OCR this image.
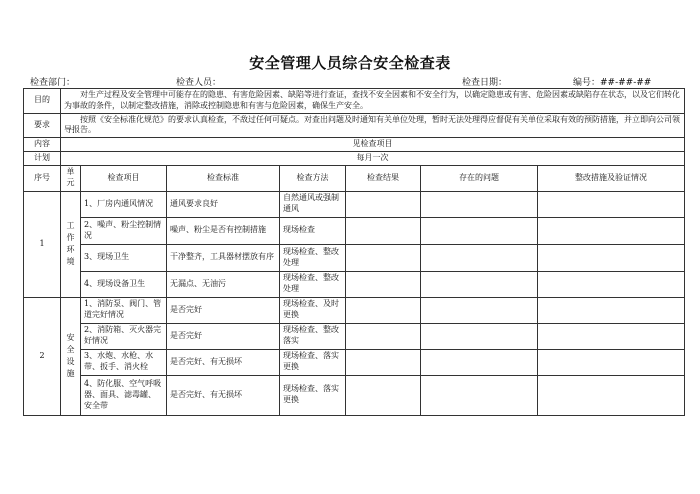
安全管理人员综合安全检查表
检查部门：	检查人员：	检查日期：	编号：##-##-##
目的	对生产过程及安全管理中可能存在的隐患、有害危险因素、缺陷等进行查证，查找不安全因素和不安全行为，以确定隐患或有害、危险因素或缺陷存在状态，以及它们转化为事故的条件，以制定整改措施，消除或控制隐患和有害与危险因素，确保生产安全。						
要求	按照《安全标准化规范》的要求认真检查，不敌过任何可疑点。对查出问题及时通知有关单位处理，暂时无法处理得应督促有关单位采取有效的预防措施，并立即向公司领导报告。						
内容	见检查项目						
计划	每月一次						
序号	单元	检查项目	检查标准	检查方法	检查结果	存在的问题	整改措施及验证情况
1	工作环境	1、厂房内通风情况	通风要求良好	自然通风或强制通风			
		2、噪声、粉尘控制情况	噪声、粉尘是否有控制措施	现场检查			
		3、现场卫生	干净整齐，工具器材摆放有序	现场检查、整改处理			
		4、现场设备卫生	无漏点、无油污	现场检查、整改处理			
2	安全设施	1、消防泵、阀门、管道完好情况	是否完好	现场检查、及时更换			
		2、消防箱、灭火器完好情况	是否完好	现场检查、整改落实			
		3、水炮、水枪、水带、扳手、消火栓	是否完好、有无损坏	现场检查、落实更换			
		4、防化服、空气呼吸器、面具、滤毒罐、安全带	是否完好、有无损坏	现场检查、落实更换			
